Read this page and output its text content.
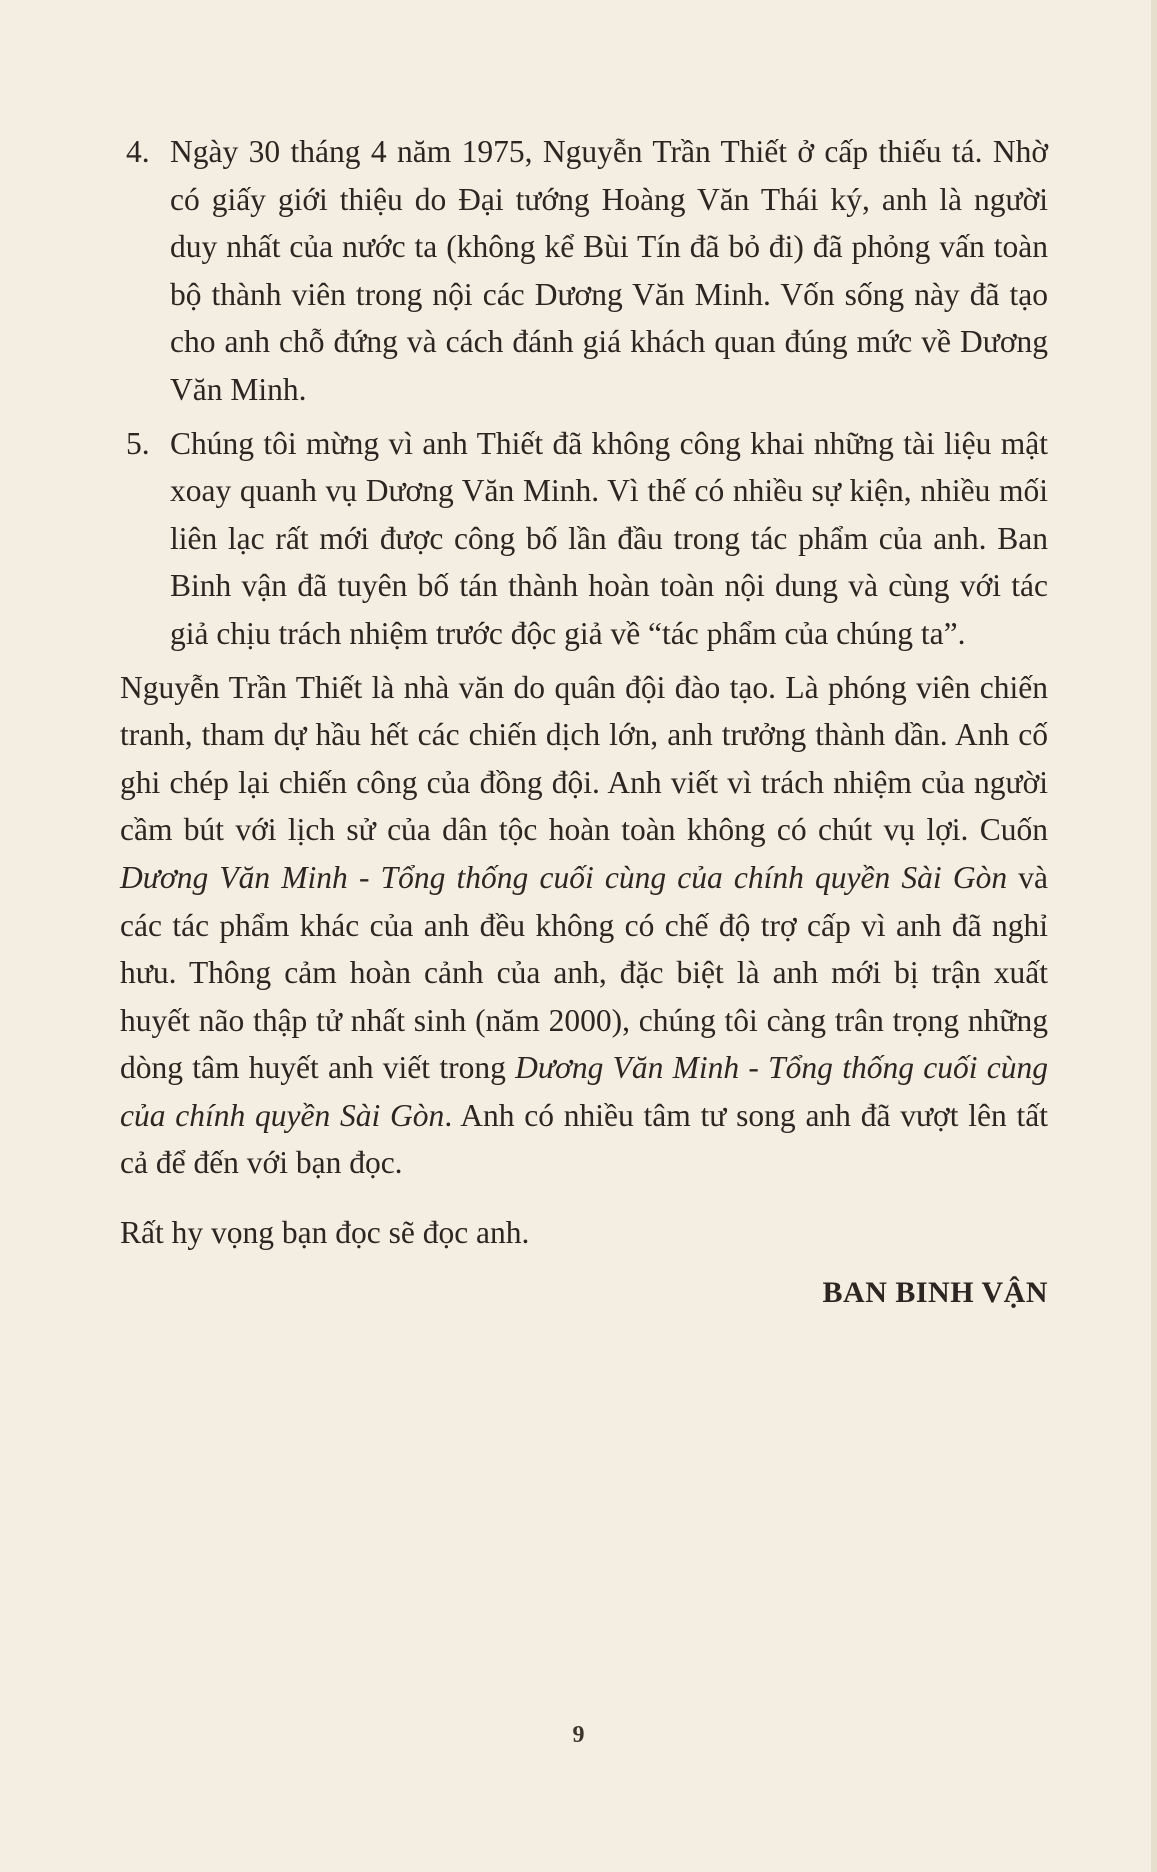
4. Ngày 30 tháng 4 năm 1975, Nguyễn Trần Thiết ở cấp thiếu tá. Nhờ có giấy giới thiệu do Đại tướng Hoàng Văn Thái ký, anh là người duy nhất của nước ta (không kể Bùi Tín đã bỏ đi) đã phỏng vấn toàn bộ thành viên trong nội các Dương Văn Minh. Vốn sống này đã tạo cho anh chỗ đứng và cách đánh giá khách quan đúng mức về Dương Văn Minh.
5. Chúng tôi mừng vì anh Thiết đã không công khai những tài liệu mật xoay quanh vụ Dương Văn Minh. Vì thế có nhiều sự kiện, nhiều mối liên lạc rất mới được công bố lần đầu trong tác phẩm của anh. Ban Binh vận đã tuyên bố tán thành hoàn toàn nội dung và cùng với tác giả chịu trách nhiệm trước độc giả về “tác phẩm của chúng ta”.

Nguyễn Trần Thiết là nhà văn do quân đội đào tạo. Là phóng viên chiến tranh, tham dự hầu hết các chiến dịch lớn, anh trưởng thành dần. Anh cố ghi chép lại chiến công của đồng đội. Anh viết vì trách nhiệm của người cầm bút với lịch sử của dân tộc hoàn toàn không có chút vụ lợi. Cuốn Dương Văn Minh - Tổng thống cuối cùng của chính quyền Sài Gòn và các tác phẩm khác của anh đều không có chế độ trợ cấp vì anh đã nghỉ hưu. Thông cảm hoàn cảnh của anh, đặc biệt là anh mới bị trận xuất huyết não thập tử nhất sinh (năm 2000), chúng tôi càng trân trọng những dòng tâm huyết anh viết trong Dương Văn Minh - Tổng thống cuối cùng của chính quyền Sài Gòn. Anh có nhiều tâm tư song anh đã vượt lên tất cả để đến với bạn đọc.

Rất hy vọng bạn đọc sẽ đọc anh.

BAN BINH VẬN
9
